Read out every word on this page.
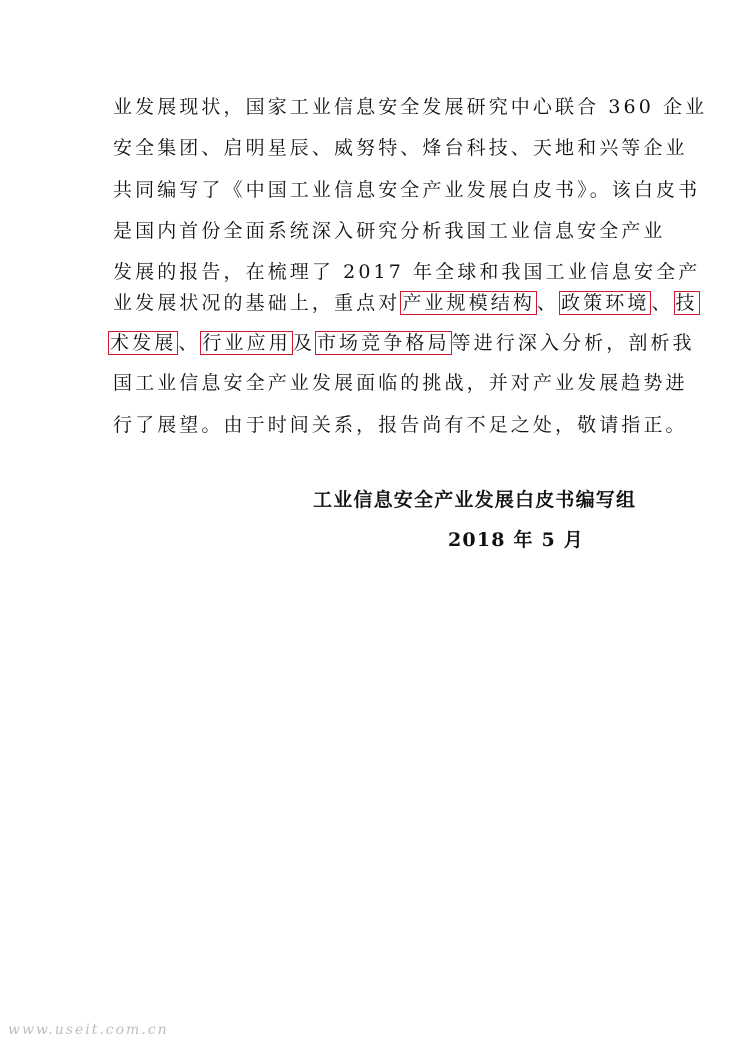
业发展现状，国家工业信息安全发展研究中心联合 360 企业
安全集团、启明星辰、威努特、烽台科技、天地和兴等企业
共同编写了《中国工业信息安全产业发展白皮书》。该白皮书
是国内首份全面系统深入研究分析我国工业信息安全产业
发展的报告，在梳理了 2017 年全球和我国工业信息安全产
业发展状况的基础上，重点对 产业规模结构 、 政策环境 、 技
术发展 、 行业应用 及 市场竞争格局 等进行深入分析，剖析我
国工业信息安全产业发展面临的挑战，并对产业发展趋势进
行了展望。由于时间关系，报告尚有不足之处，敬请指正。
工业信息安全产业发展白皮书编写组
2018 年 5 月
www.useit.com.cn
